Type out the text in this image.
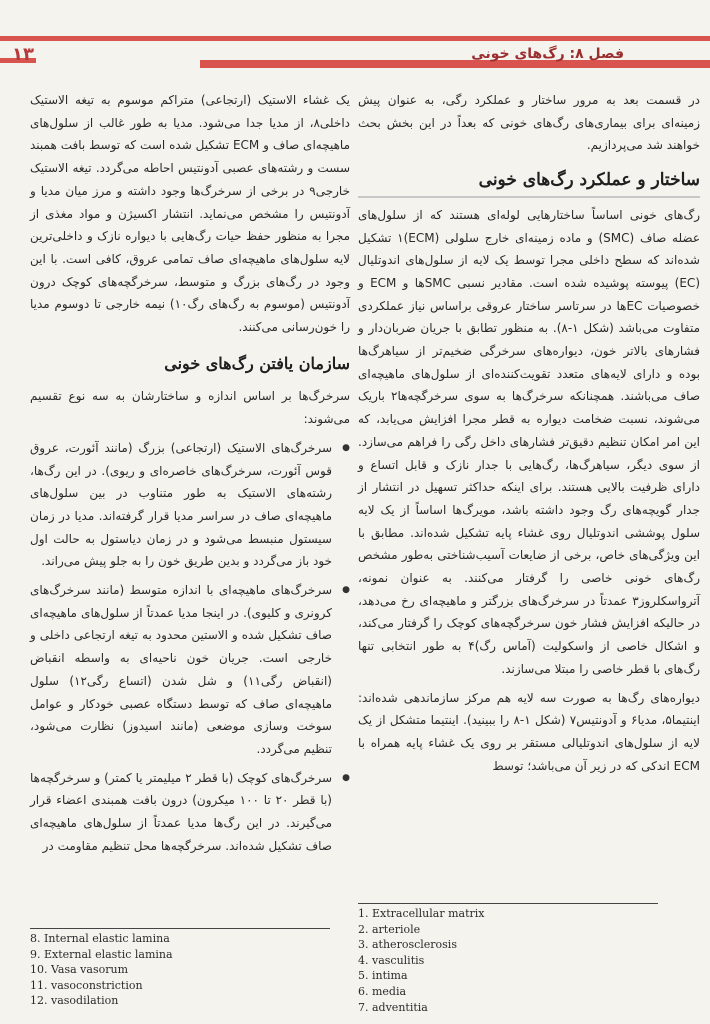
۱۳	فصل ۸: رگ‌های خونی

در قسمت بعد به مرور ساختار و عملکرد رگی، به عنوان پیش زمینه‌ای برای بیماری‌های رگ‌های خونی که بعداً در این بخش بحث خواهند شد می‌پردازیم.

ساختار و عملکرد رگ‌های خونی

رگ‌های خونی اساساً ساختارهایی لوله‌ای هستند که از سلول‌های عضله صاف (SMC) و ماده زمینه‌ای خارج سلولی (ECM)۱ تشکیل شده‌اند که سطح داخلی مجرا توسط یک لایه از سلول‌های اندوتلیال (EC) پیوسته پوشیده شده است. مقادیر نسبی SMCها و ECM و خصوصیات ECها در سرتاسر ساختار عروقی براساس نیاز عملکردی متفاوت می‌باشد (شکل ۱-۸). به منظور تطابق با جریان ضربان‌دار و فشارهای بالاتر خون، دیواره‌های سرخرگی ضخیم‌تر از سیاهرگ‌ها بوده و دارای لایه‌های متعدد تقویت‌کننده‌ای از سلول‌های ماهیچه‌ای صاف می‌باشند. همچنانکه سرخرگ‌ها به سوی سرخرگچه‌ها۲ باریک می‌شوند، نسبت ضخامت دیواره به قطر مجرا افزایش می‌یابد، که این امر امکان تنظیم دقیق‌تر فشارهای داخل رگی را فراهم می‌سازد. از سوی دیگر، سیاهرگ‌ها، رگ‌هایی با جدار نازک و قابل اتساع و دارای ظرفیت بالایی هستند. برای اینکه حداکثر تسهیل در انتشار از جدار گویچه‌های رگ وجود داشته باشد، مویرگ‌ها اساساً از یک لایه سلول پوششی اندوتلیال روی غشاء پایه تشکیل شده‌اند. مطابق با این ویژگی‌های خاص، برخی از ضایعات آسیب‌شناختی به‌طور مشخص رگ‌های خونی خاصی را گرفتار می‌کنند. به عنوان نمونه، آترواسکلروز۳ عمدتاً در سرخرگ‌های بزرگتر و ماهیچه‌ای رخ می‌دهد، در حالیکه افزایش فشار خون سرخرگچه‌های کوچک را گرفتار می‌کند، و اشکال خاصی از واسکولیت (آماس رگ)۴ به طور انتخابی تنها رگ‌های با قطر خاصی را مبتلا می‌سازند.

دیواره‌های رگ‌ها به صورت سه لایه هم مرکز سازماندهی شده‌اند: اینتیما۵، مدیا۶ و آدونتیس۷ (شکل ۱-۸ را ببینید). اینتیما متشکل از یک لایه از سلول‌های اندوتلیالی مستقر بر روی یک غشاء پایه همراه با ECM اندکی که در زیر آن می‌باشد؛ توسط

یک غشاء الاستیک (ارتجاعی) متراکم موسوم به تیغه الاستیک داخلی۸، از مدیا جدا می‌شود. مدیا به طور غالب از سلول‌های ماهیچه‌ای صاف و ECM تشکیل شده است که توسط بافت همبند سست و رشته‌های عصبی آدونتیس احاطه می‌گردد. تیغه الاستیک خارجی۹ در برخی از سرخرگ‌ها وجود داشته و مرز میان مدیا و آدونتیس را مشخص می‌نماید. انتشار اکسیژن و مواد مغذی از مجرا به منظور حفظ حیات رگ‌هایی با دیواره نازک و داخلی‌ترین لایه سلول‌های ماهیچه‌ای صاف تمامی عروق، کافی است. با این وجود در رگ‌های بزرگ و متوسط، سرخرگچه‌های کوچک درون آدونتیس (موسوم به رگ‌های رگ۱۰) نیمه خارجی تا دوسوم مدیا را خون‌رسانی می‌کنند.

سازمان یافتن رگ‌های خونی

سرخرگ‌ها بر اساس اندازه و ساختارشان به سه نوع تقسیم می‌شوند:

● سرخرگ‌های الاستیک (ارتجاعی) بزرگ (مانند آئورت، عروق قوس آئورت، سرخرگ‌های خاصره‌ای و ریوی). در این رگ‌ها، رشته‌های الاستیک به طور متناوب در بین سلول‌های ماهیچه‌ای صاف در سراسر مدیا قرار گرفته‌اند. مدیا در زمان سیستول منبسط می‌شود و در زمان دیاستول به حالت اول خود باز می‌گردد و بدین طریق خون را به جلو پیش می‌راند.
● سرخرگ‌های ماهیچه‌ای با اندازه متوسط (مانند سرخرگ‌های کرونری و کلیوی). در اینجا مدیا عمدتاً از سلول‌های ماهیچه‌ای صاف تشکیل شده و الاستین محدود به تیغه ارتجاعی داخلی و خارجی است. جریان خون ناحیه‌ای به واسطه انقباض (انقباض رگی۱۱) و شل شدن (اتساع رگی۱۲) سلول ماهیچه‌ای صاف که توسط دستگاه عصبی خودکار و عوامل سوخت وسازی موضعی (مانند اسیدوز) نظارت می‌شود، تنظیم می‌گردد.
● سرخرگ‌های کوچک (با قطر ۲ میلیمتر یا کمتر) و سرخرگچه‌ها (با قطر ۲۰ تا ۱۰۰ میکرون) درون بافت همبندی اعضاء قرار می‌گیرند. در این رگ‌ها مدیا عمدتاً از سلول‌های ماهیچه‌ای صاف تشکیل شده‌اند. سرخرگچه‌ها محل تنظیم مقاومت در
8. Internal elastic lamina
9. External elastic lamina
10. Vasa vasorum
11. vasoconstriction
12. vasodilation
1. Extracellular matrix
2. arteriole
3. atherosclerosis
4. vasculitis
5. intima
6. media
7. adventitia
